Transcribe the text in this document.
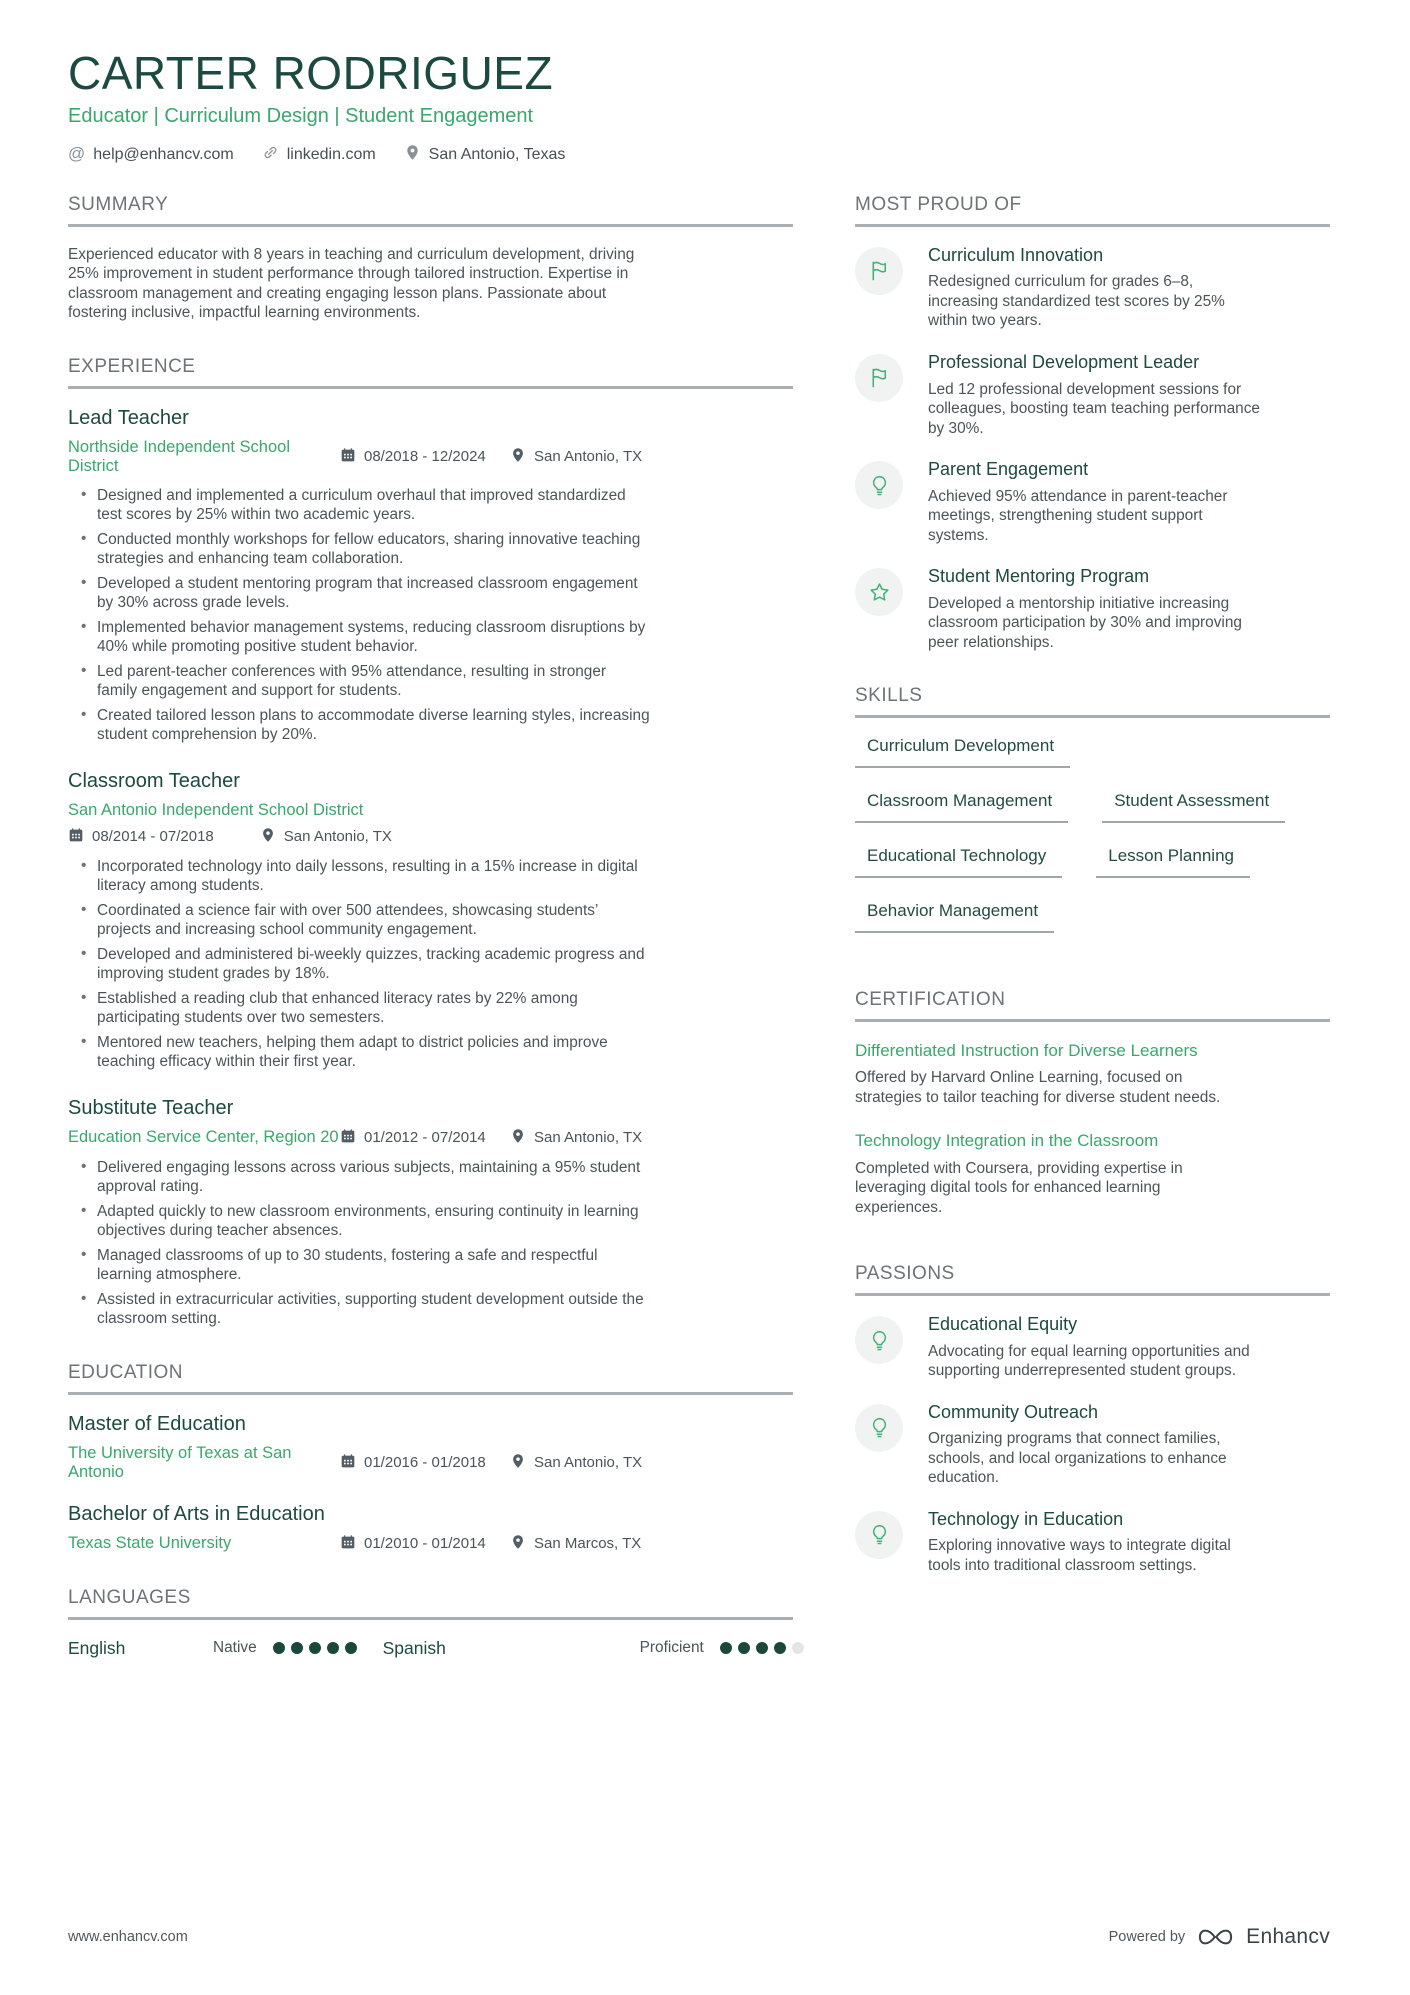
CARTER RODRIGUEZ
Educator | Curriculum Design | Student Engagement
@ help@enhancv.com	linkedin.com	San Antonio, Texas
SUMMARY
Experienced educator with 8 years in teaching and curriculum development, driving 25% improvement in student performance through tailored instruction. Expertise in classroom management and creating engaging lesson plans. Passionate about fostering inclusive, impactful learning environments.
EXPERIENCE
Lead Teacher
Northside Independent School District	08/2018 - 12/2024	San Antonio, TX
• Designed and implemented a curriculum overhaul that improved standardized test scores by 25% within two academic years.
• Conducted monthly workshops for fellow educators, sharing innovative teaching strategies and enhancing team collaboration.
• Developed a student mentoring program that increased classroom engagement by 30% across grade levels.
• Implemented behavior management systems, reducing classroom disruptions by 40% while promoting positive student behavior.
• Led parent-teacher conferences with 95% attendance, resulting in stronger family engagement and support for students.
• Created tailored lesson plans to accommodate diverse learning styles, increasing student comprehension by 20%.
Classroom Teacher
San Antonio Independent School District
08/2014 - 07/2018	San Antonio, TX
• Incorporated technology into daily lessons, resulting in a 15% increase in digital literacy among students.
• Coordinated a science fair with over 500 attendees, showcasing students’ projects and increasing school community engagement.
• Developed and administered bi-weekly quizzes, tracking academic progress and improving student grades by 18%.
• Established a reading club that enhanced literacy rates by 22% among participating students over two semesters.
• Mentored new teachers, helping them adapt to district policies and improve teaching efficacy within their first year.
Substitute Teacher
Education Service Center, Region 20 01/2012 - 07/2014	San Antonio, TX
• Delivered engaging lessons across various subjects, maintaining a 95% student approval rating.
• Adapted quickly to new classroom environments, ensuring continuity in learning objectives during teacher absences.
• Managed classrooms of up to 30 students, fostering a safe and respectful learning atmosphere.
• Assisted in extracurricular activities, supporting student development outside the classroom setting.
EDUCATION
Master of Education
The University of Texas at San Antonio	01/2016 - 01/2018	San Antonio, TX
Bachelor of Arts in Education
Texas State University	01/2010 - 01/2014	San Marcos, TX
LANGUAGES
English	Native	Spanish	Proficient
MOST PROUD OF
Curriculum Innovation
Redesigned curriculum for grades 6–8, increasing standardized test scores by 25% within two years.
Professional Development Leader
Led 12 professional development sessions for colleagues, boosting team teaching performance by 30%.
Parent Engagement
Achieved 95% attendance in parent-teacher meetings, strengthening student support systems.
Student Mentoring Program
Developed a mentorship initiative increasing classroom participation by 30% and improving peer relationships.
SKILLS
Curriculum Development
Classroom Management	Student Assessment
Educational Technology	Lesson Planning
Behavior Management
CERTIFICATION
Differentiated Instruction for Diverse Learners
Offered by Harvard Online Learning, focused on strategies to tailor teaching for diverse student needs.
Technology Integration in the Classroom
Completed with Coursera, providing expertise in leveraging digital tools for enhanced learning experiences.
PASSIONS
Educational Equity
Advocating for equal learning opportunities and supporting underrepresented student groups.
Community Outreach
Organizing programs that connect families, schools, and local organizations to enhance education.
Technology in Education
Exploring innovative ways to integrate digital tools into traditional classroom settings.
www.enhancv.com	Powered by	Enhancv
